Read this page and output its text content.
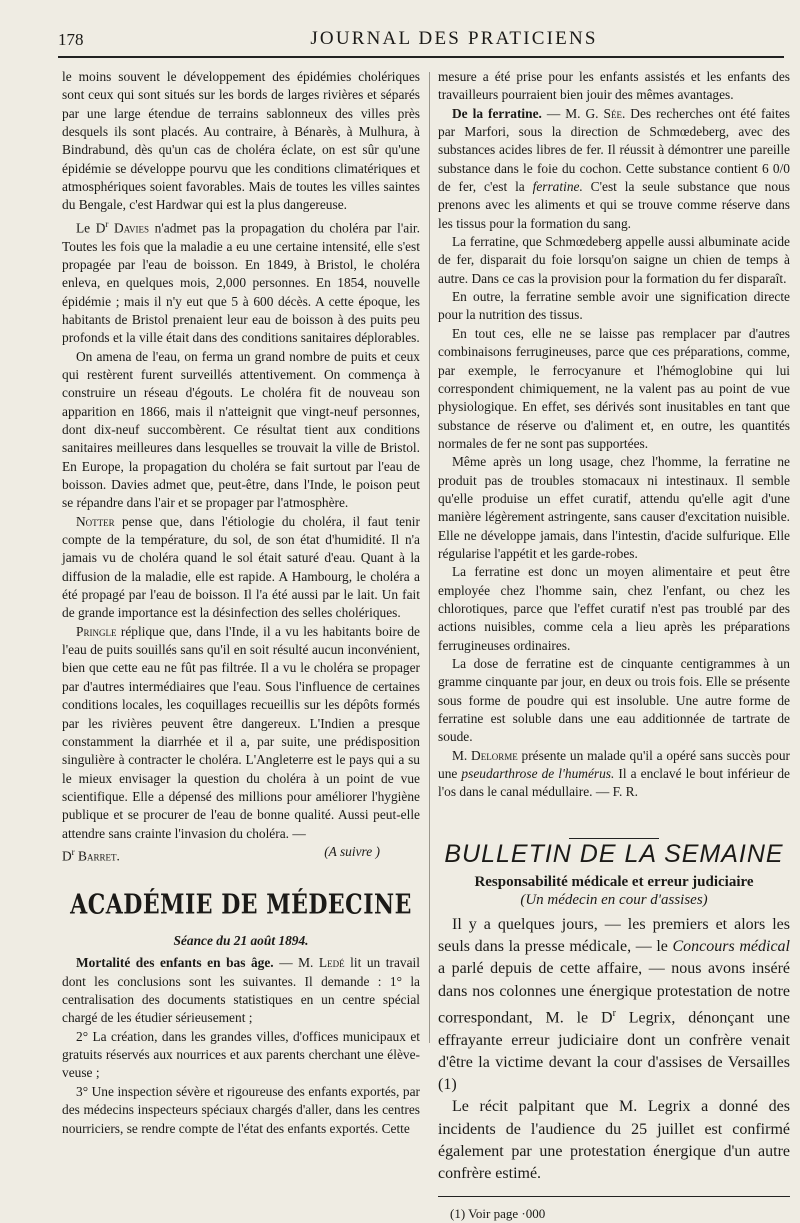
178	JOURNAL DES PRATICIENS

le moins souvent le développement des épidémies cholériques sont ceux qui sont situés sur les bords de larges rivières et séparés par une large étendue de terrains sablonneux des villes près desquels ils sont placés. Au contraire, à Bénarès, à Mulhura, à Bindrabund, dès qu'un cas de choléra éclate, on est sûr qu'une épidémie se développe pourvu que les conditions climatériques et atmosphériques soient favorables. Mais de toutes les villes saintes du Bengale, c'est Hardwar qui est la plus dangereuse.

Le $D^r$ Davies n'admet pas la propagation du choléra par l'air. Toutes les fois que la maladie a eu une certaine intensité, elle s'est propagée par l'eau de boisson. En 1849, à Bristol, le choléra enleva, en quelques mois, 2,000 personnes. En 1854, nouvelle épidémie ; mais il n'y eut que 5 à 600 décès. A cette époque, les habitants de Bristol prenaient leur eau de boisson à des puits peu profonds et la ville était dans des conditions sanitaires déplorables.

On amena de l'eau, on ferma un grand nombre de puits et ceux qui restèrent furent surveillés attentivement. On commença à construire un réseau d'égouts. Le choléra fit de nouveau son apparition en 1866, mais il n'atteignit que vingt-neuf personnes, dont dix-neuf succombèrent. Ce résultat tient aux conditions sanitaires meilleures dans lesquelles se trouvait la ville de Bristol. En Europe, la propagation du choléra se fait surtout par l'eau de boisson. Davies admet que, peut-être, dans l'Inde, le poison peut se répandre dans l'air et se propager par l'atmosphère.

Notter pense que, dans l'étiologie du choléra, il faut tenir compte de la température, du sol, de son état d'humidité. Il n'a jamais vu de choléra quand le sol était saturé d'eau. Quant à la diffusion de la maladie, elle est rapide. A Hambourg, le choléra a été propagé par l'eau de boisson. Il l'a été aussi par le lait. Un fait de grande importance est la désinfection des selles cholériques.

Pringle réplique que, dans l'Inde, il a vu les habitants boire de l'eau de puits souillés sans qu'il en soit résulté aucun inconvénient, bien que cette eau ne fût pas filtrée. Il a vu le choléra se propager par d'autres intermédiaires que l'eau. Sous l'influence de certaines conditions locales, les coquillages recueillis sur les dépôts formés par les rivières peuvent être dangereux. L'Indien a presque constamment la diarrhée et il a, par suite, une prédisposition singulière à contracter le choléra. L'Angleterre est le pays qui a su le mieux envisager la question du choléra à un point de vue scientifique. Elle a dépensé des millions pour améliorer l'hygiène publique et se procurer de l'eau de bonne qualité. Aussi peut-elle attendre sans crainte l'invasion du choléra. —

$D^r$ Barret.	(A suivre )

ACADÉMIE DE MÉDECINE

Séance du 21 août 1894.

Mortalité des enfants en bas âge. — M. Ledé lit un travail dont les conclusions sont les suivantes. Il demande : 1° la centralisation des documents statistiques en un centre spécial chargé de les étudier sérieusement ;

2° La création, dans les grandes villes, d'offices municipaux et gratuits réservés aux nourrices et aux parents cherchant une élève-veuse ;

3° Une inspection sévère et rigoureuse des enfants exportés, par des médecins inspecteurs spéciaux chargés d'aller, dans les centres nourriciers, se rendre compte de l'état des enfants exportés. Cette

mesure a été prise pour les enfants assistés et les enfants des travailleurs pourraient bien jouir des mêmes avantages.

De la ferratine. — M. G. Sée. Des recherches ont été faites par Marfori, sous la direction de Schmœdeberg, avec des substances acides libres de fer. Il réussit à démontrer une pareille substance dans le foie du cochon. Cette substance contient 6 0/0 de fer, c'est la ferratine. C'est la seule substance que nous prenons avec les aliments et qui se trouve comme réserve dans les tissus pour la formation du sang.

La ferratine, que Schmœdeberg appelle aussi albuminate acide de fer, disparait du foie lorsqu'on saigne un chien de temps à autre. Dans ce cas la provision pour la formation du fer disparaît.

En outre, la ferratine semble avoir une signification directe pour la nutrition des tissus.

En tout ces, elle ne se laisse pas remplacer par d'autres combinaisons ferrugineuses, parce que ces préparations, comme, par exemple, le ferrocyanure et l'hémoglobine qui lui correspondent chimiquement, ne la valent pas au point de vue physiologique. En effet, ses dérivés sont inusitables en tant que substance de réserve ou d'aliment et, en outre, les quantités normales de fer ne sont pas supportées.

Même après un long usage, chez l'homme, la ferratine ne produit pas de troubles stomacaux ni intestinaux. Il semble qu'elle produise un effet curatif, attendu qu'elle agit d'une manière légèrement astringente, sans causer d'excitation nuisible. Elle ne développe jamais, dans l'intestin, d'acide sulfurique. Elle régularise l'appétit et les garde-robes.

La ferratine est donc un moyen alimentaire et peut être employée chez l'homme sain, chez l'enfant, ou chez les chlorotiques, parce que l'effet curatif n'est pas troublé par des actions nuisibles, comme cela a lieu après les préparations ferrugineuses ordinaires.

La dose de ferratine est de cinquante centigrammes à un gramme cinquante par jour, en deux ou trois fois. Elle se présente sous forme de poudre qui est insoluble. Une autre forme de ferratine est soluble dans une eau additionnée de tartrate de soude.

M. Delorme présente un malade qu'il a opéré sans succès pour une pseudarthrose de l'humérus. Il a enclavé le bout inférieur de l'os dans le canal médullaire. — F. R.

BULLETIN DE LA SEMAINE

Responsabilité médicale et erreur judiciaire

(Un médecin en cour d'assises)

Il y a quelques jours, — les premiers et alors les seuls dans la presse médicale, — le Concours médical a parlé depuis de cette affaire, — nous avons inséré dans nos colonnes une énergique protestation de notre correspondant, M. le $D^r$ Legrix, dénonçant une effrayante erreur judiciaire dont un confrère venait d'être la victime devant la cour d'assises de Versailles (1)

Le récit palpitant que M. Legrix a donné des incidents de l'audience du 25 juillet est confirmé également par une protestation énergique d'un autre confrère estimé.

(1) Voir page ·000
